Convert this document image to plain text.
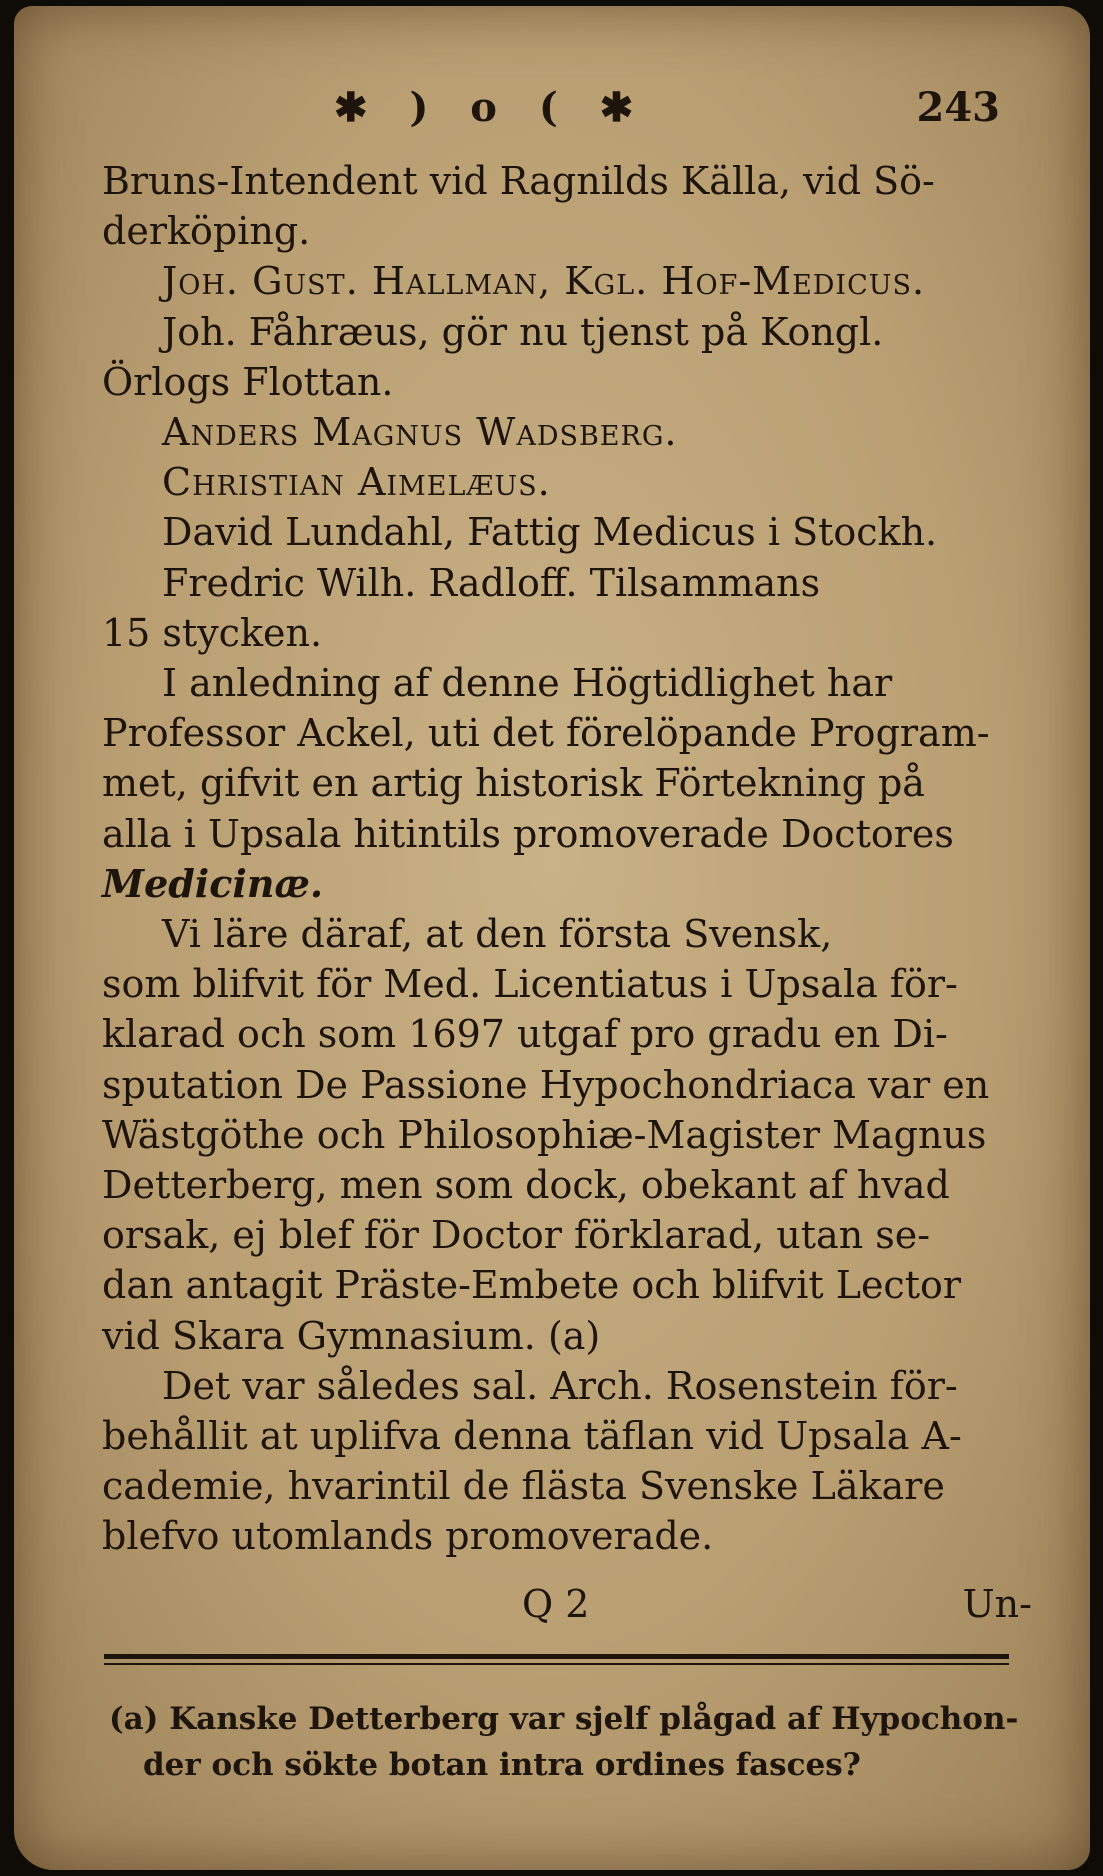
✱ ) o ( ✱	243
Bruns-Intendent vid Ragnilds Källa, vid Sö-
derköping.
Joh. Gust. Hallman, Kgl. Hof-Medicus.
Joh. Fåhræus, gör nu tjenst på Kongl.
Örlogs Flottan.
Anders Magnus Wadsberg.
Christian Aimelæus.
David Lundahl, Fattig Medicus i Stockh.
Fredric Wilh. Radloff. Tilsammans
15 stycken.
I anledning af denne Högtidlighet har
Professor Ackel, uti det förelöpande Program-
met, gifvit en artig historisk Förtekning på
alla i Upsala hitintils promoverade Doctores
Medicinæ.
Vi läre däraf, at den första Svensk,
som blifvit för Med. Licentiatus i Upsala för-
klarad och som 1697 utgaf pro gradu en Di-
sputation De Passione Hypochondriaca var en
Wästgöthe och Philosophiæ-Magister Magnus
Detterberg, men som dock, obekant af hvad
orsak, ej blef för Doctor förklarad, utan se-
dan antagit Präste-Embete och blifvit Lector
vid Skara Gymnasium. (a)
Det var således sal. Arch. Rosenstein för-
behållit at uplifva denna täflan vid Upsala A-
cademie, hvarintil de flästa Svenske Läkare
blefvo utomlands promoverade.
Q 2	Un-
(a) Kanske Detterberg var sjelf plågad af Hypochon-
der och sökte botan intra ordines fasces?
